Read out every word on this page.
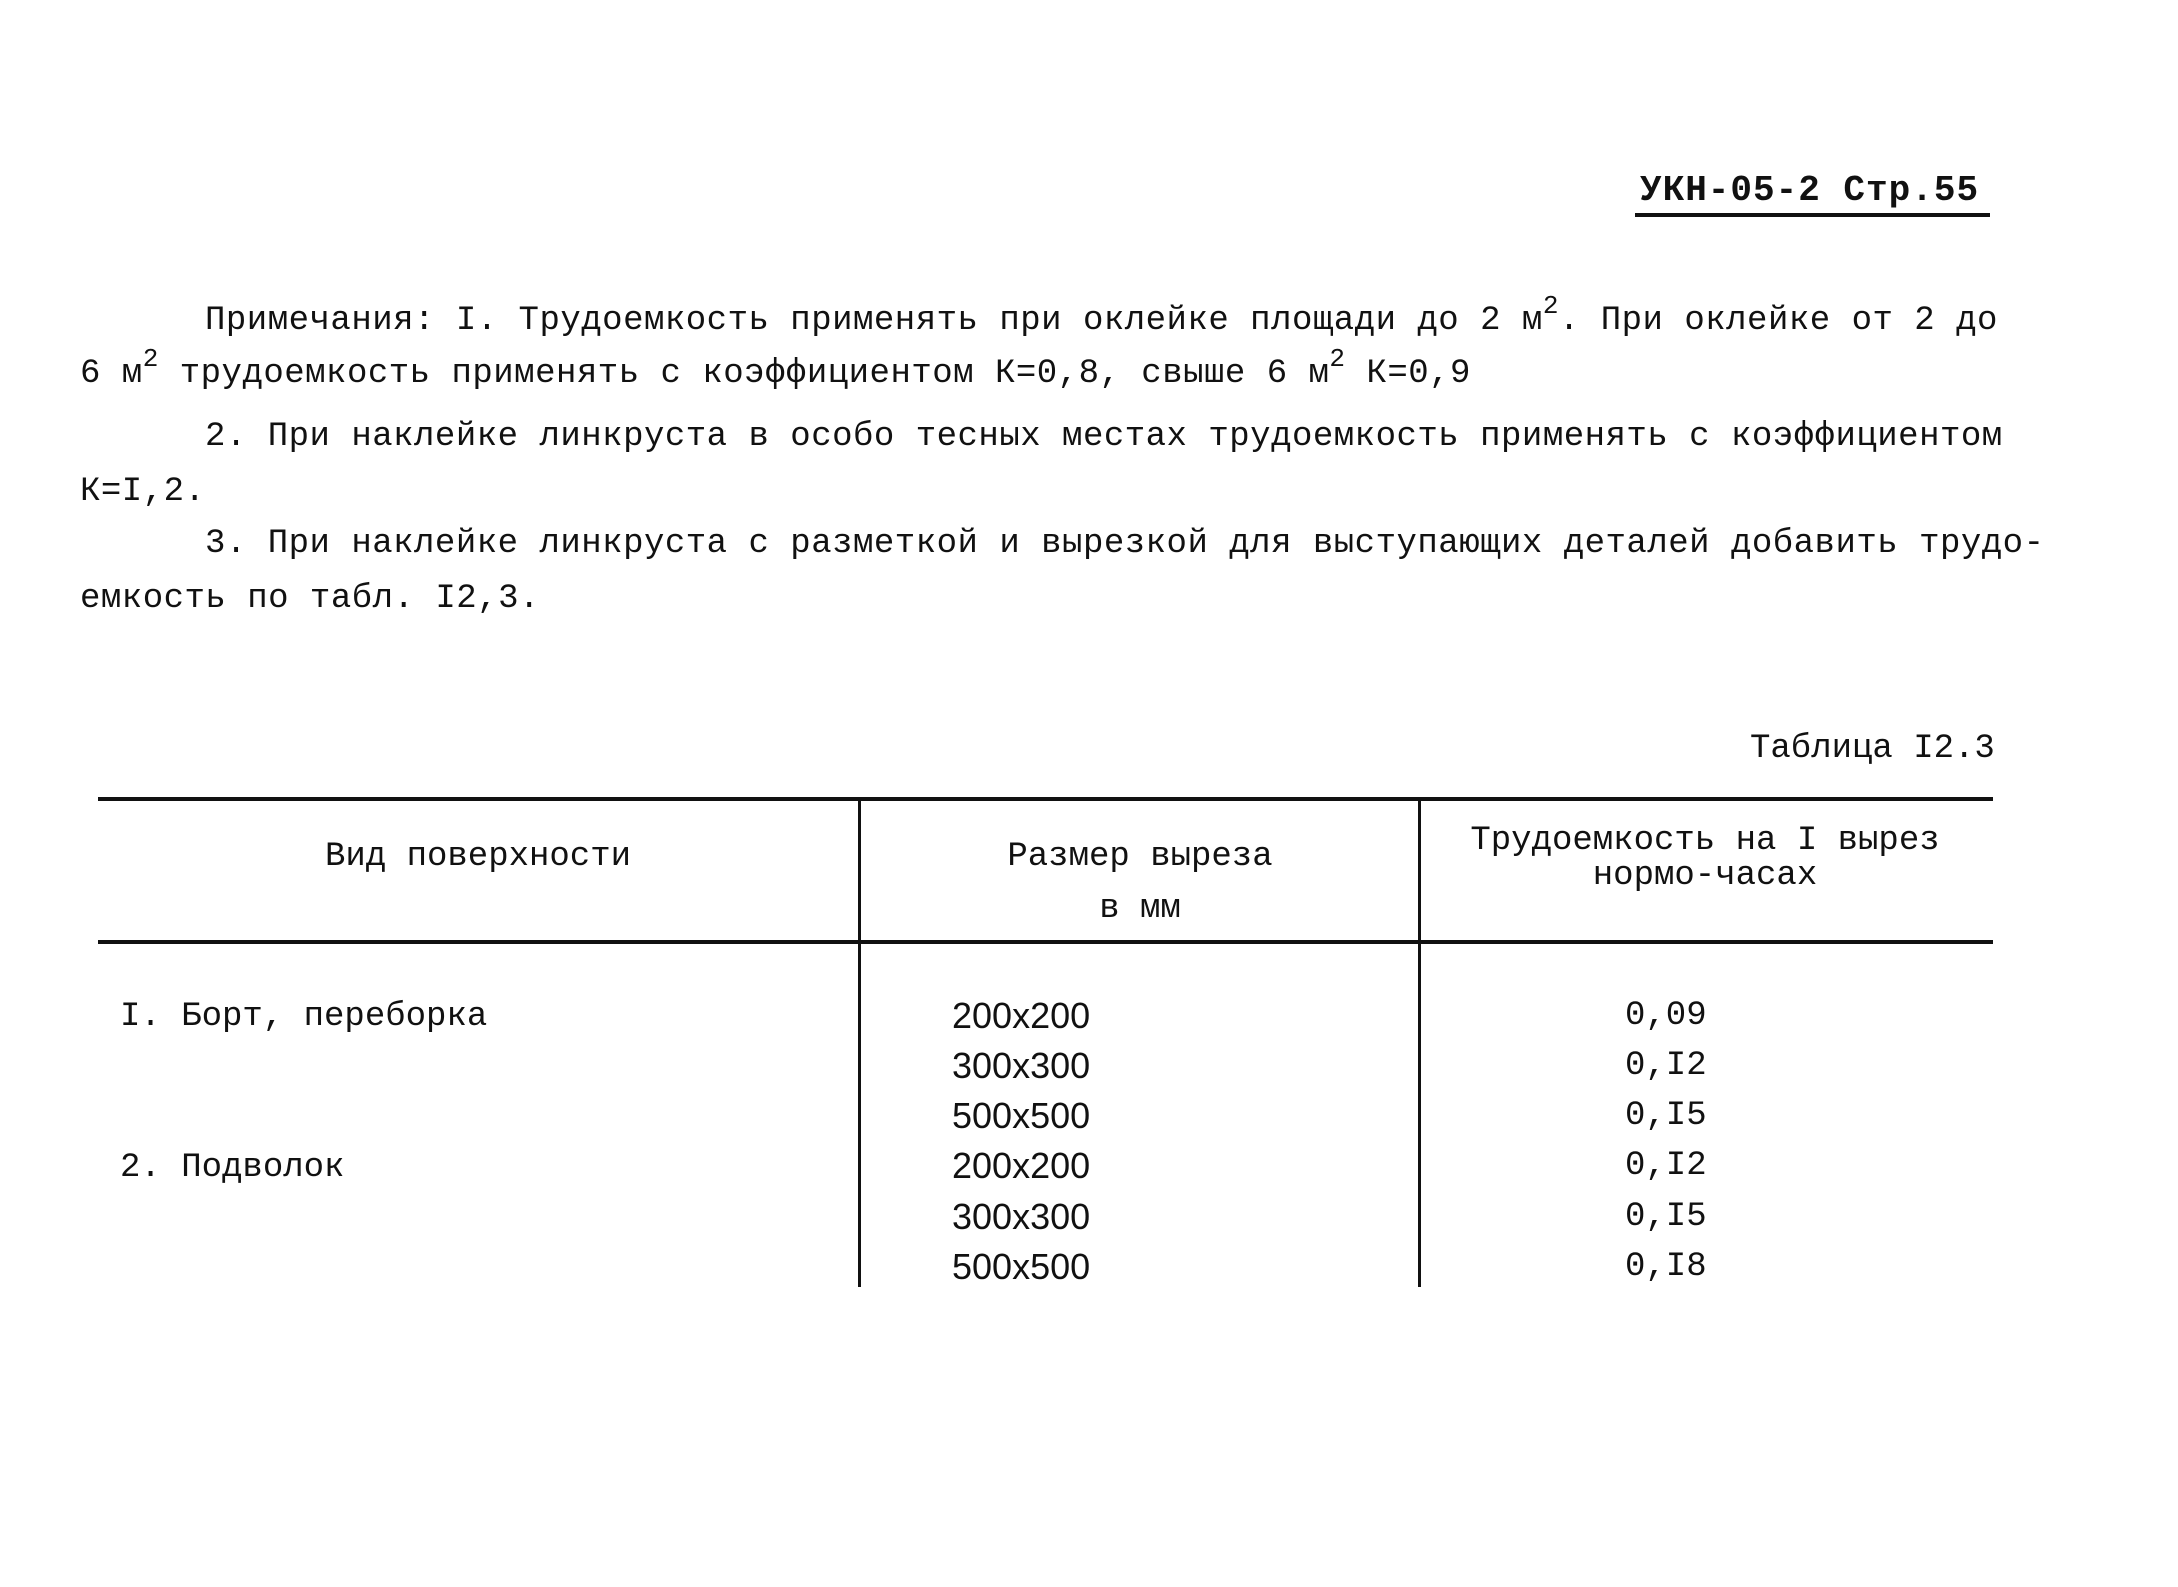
УКН-05-2 Стр.55
Примечания: I. Трудоемкость применять при оклейке площади до 2 $м^2$. При оклейке от 2 до
6 $м^2$ трудоемкость применять с коэффициентом К=0,8, свыше 6 $м^2$ К=0,9
2. При наклейке линкруста в особо тесных местах трудоемкость применять с коэффициентом
К=I,2.
3. При наклейке линкруста с разметкой и вырезкой для выступающих деталей добавить трудо-
емкость по табл. I2,3.
Таблица I2.3
Вид поверхности	Размер выреза
в мм
Трудоемкость на I вырез
нормо-часах
I. Борт, переборка
2. Подволок
200x200
300x300
500x500
200x200
300x300
500x500
0,09
0,I2
0,I5
0,I2
0,I5
0,I8
